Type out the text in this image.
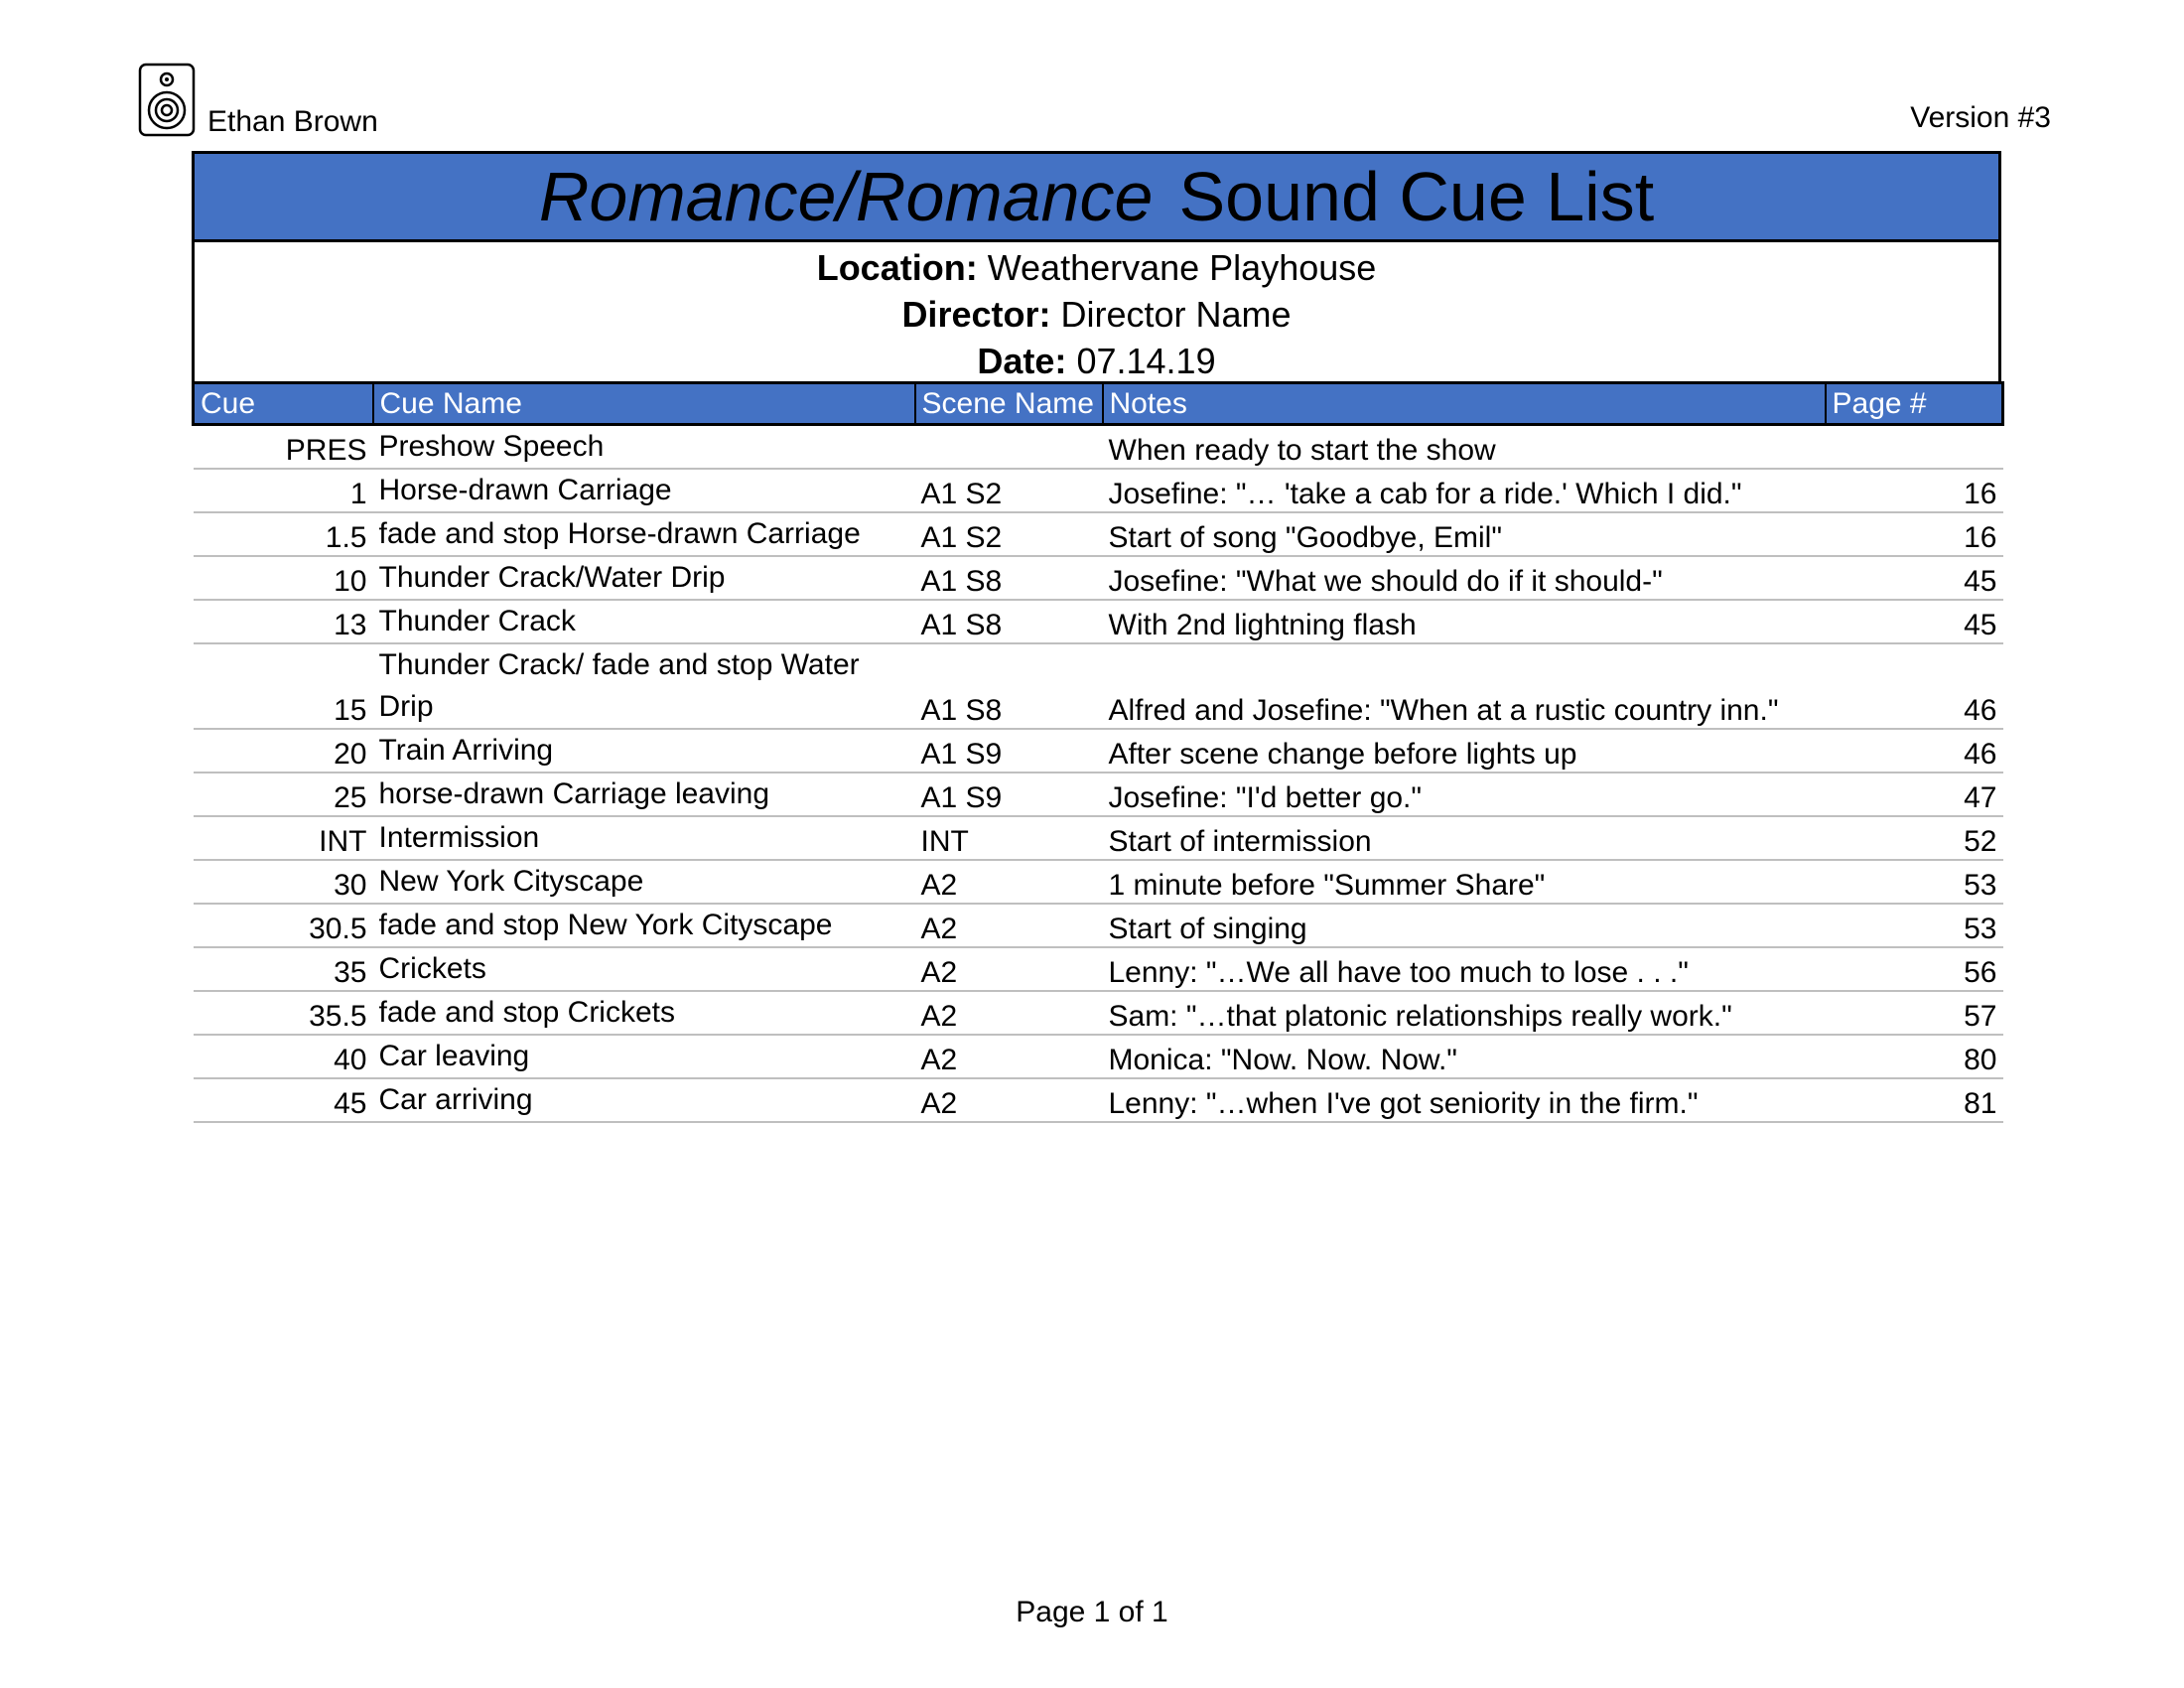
Ethan Brown	Version #3
Romance/Romance Sound Cue List
Location: Weathervane Playhouse
Director: Director Name
Date: 07.14.19
Cue	Cue Name	Scene Name	Notes	Page #
PRES	Preshow Speech		When ready to start the show	
1	Horse-drawn Carriage	A1 S2	Josefine: "… 'take a cab for a ride.' Which I did."	16
1.5	fade and stop Horse-drawn Carriage	A1 S2	Start of song "Goodbye, Emil"	16
10	Thunder Crack/Water Drip	A1 S8	Josefine: "What we should do if it should-"	45
13	Thunder Crack	A1 S8	With 2nd lightning flash	45
15	Thunder Crack/ fade and stop Water Drip	A1 S8	Alfred and Josefine: "When at a rustic country inn."	46
20	Train Arriving	A1 S9	After scene change before lights up	46
25	horse-drawn Carriage leaving	A1 S9	Josefine: "I'd better go."	47
INT	Intermission	INT	Start of intermission	52
30	New York Cityscape	A2	1 minute before "Summer Share"	53
30.5	fade and stop New York Cityscape	A2	Start of singing	53
35	Crickets	A2	Lenny: "…We all have too much to lose . . ."	56
35.5	fade and stop Crickets	A2	Sam: "…that platonic relationships really work."	57
40	Car leaving	A2	Monica: "Now. Now. Now."	80
45	Car arriving	A2	Lenny: "…when I've got seniority in the firm."	81
Page 1 of 1
